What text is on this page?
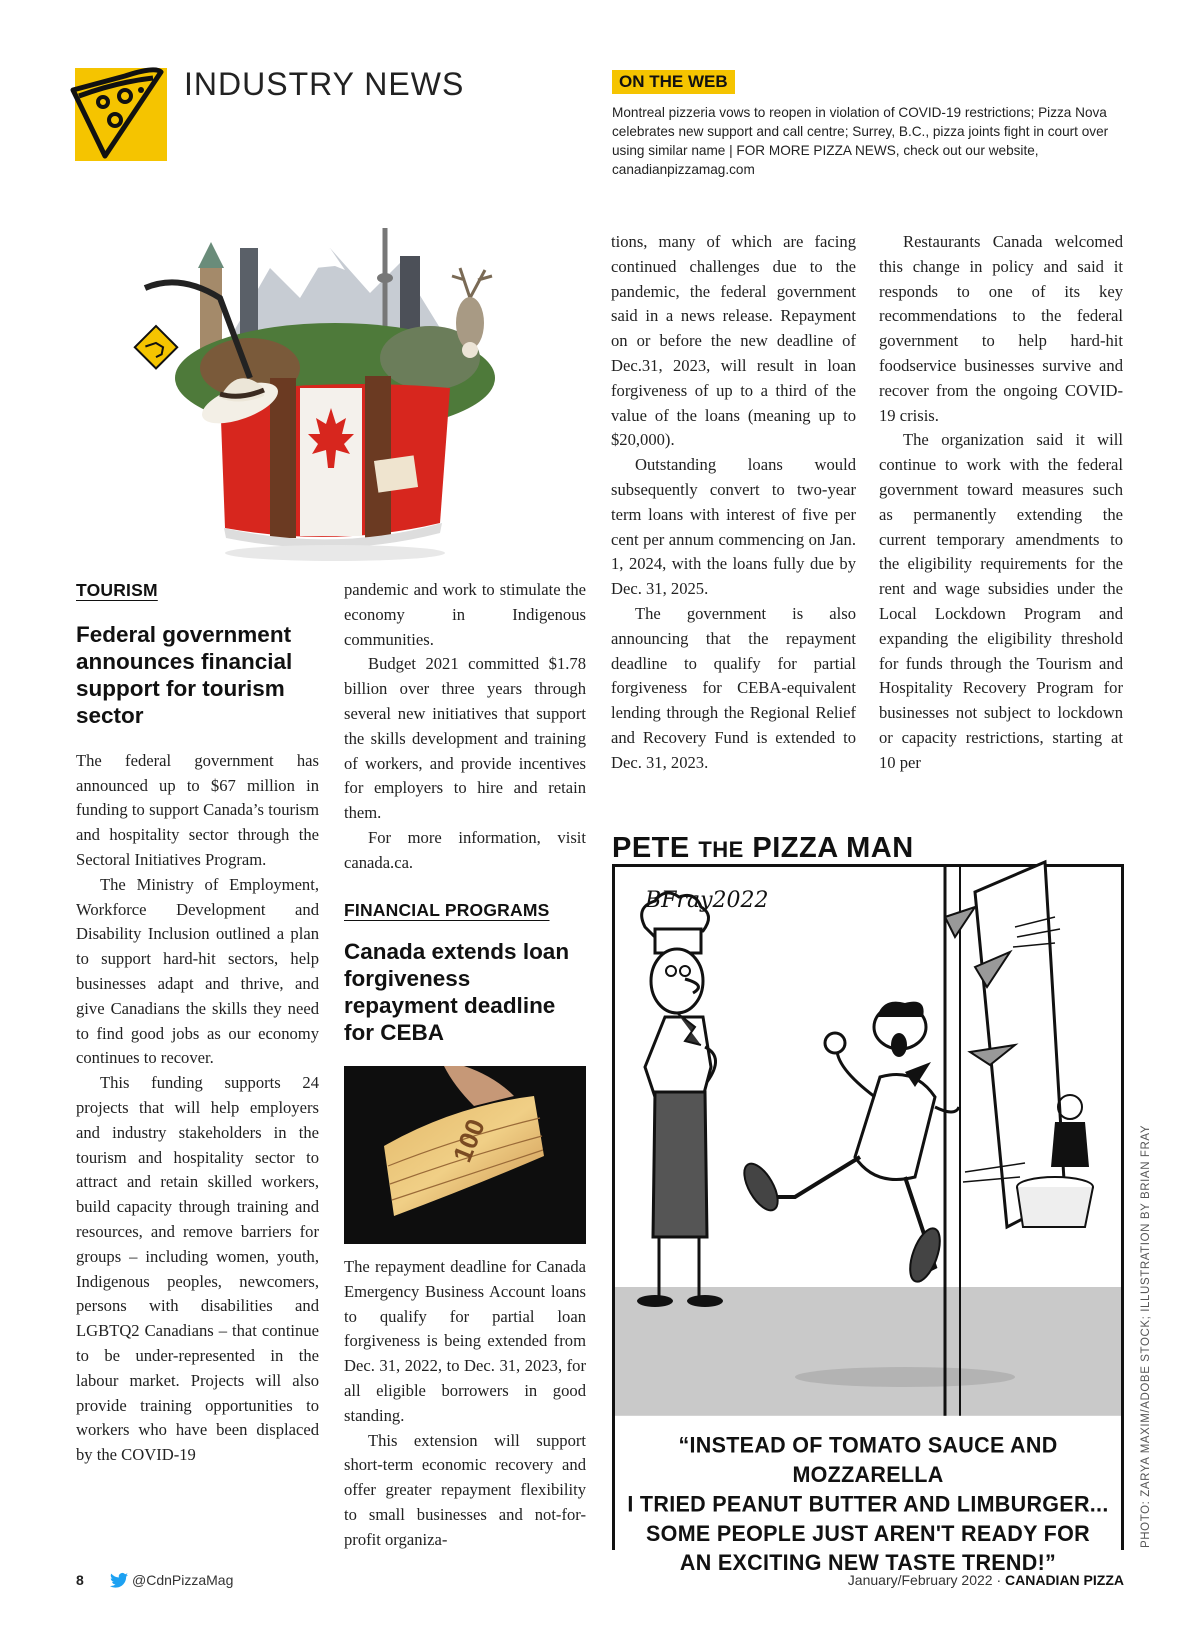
INDUSTRY NEWS	ON THE WEB
Montreal pizzeria vows to reopen in violation of COVID-19 restrictions; Pizza Nova celebrates new support and call centre; Surrey, B.C., pizza joints fight in court over using similar name | FOR MORE PIZZA NEWS, check out our website, canadianpizzamag.com
TOURISM
Federal government announces financial support for tourism sector

The federal government has announced up to $67 million in funding to support Canada’s tourism and hospitality sector through the Sectoral Initiatives Program.

The Ministry of Employment, Workforce Development and Disability Inclusion outlined a plan to support hard-hit sectors, help businesses adapt and thrive, and give Canadians the skills they need to find good jobs as our economy continues to recover.

This funding supports 24 projects that will help employers and industry stakeholders in the tourism and hospitality sector to attract and retain skilled workers, build capacity through training and resources, and remove barriers for groups – including women, youth, Indigenous peoples, newcomers, persons with disabilities and LGBTQ2 Canadians – that continue to be under-represented in the labour market. Projects will also provide training opportunities to workers who have been displaced by the COVID-19

pandemic and work to stimulate the economy in Indigenous communities.

Budget 2021 committed $1.78 billion over three years through several new initiatives that support the skills development and training of workers, and provide incentives for employers to hire and retain them.

For more information, visit canada.ca.

FINANCIAL PROGRAMS
Canada extends loan forgiveness repayment deadline for CEBA
100

The repayment deadline for Canada Emergency Business Account loans to qualify for partial loan forgiveness is being extended from Dec. 31, 2022, to Dec. 31, 2023, for all eligible borrowers in good standing.

This extension will support short-term economic recovery and offer greater repayment flexibility to small businesses and not-for-profit organiza-

tions, many of which are facing continued challenges due to the pandemic, the federal government said in a news release. Repayment on or before the new deadline of Dec.31, 2023, will result in loan forgiveness of up to a third of the value of the loans (meaning up to $20,000).

Outstanding loans would subsequently convert to two-year term loans with interest of five per cent per annum commencing on Jan. 1, 2024, with the loans fully due by Dec. 31, 2025.

The government is also announcing that the repayment deadline to qualify for partial forgiveness for CEBA-equivalent lending through the Regional Relief and Recovery Fund is extended to Dec. 31, 2023.

Restaurants Canada welcomed this change in policy and said it responds to one of its key recommendations to the federal government to help hard-hit foodservice businesses survive and recover from the ongoing COVID-19 crisis.

The organization said it will continue to work with the federal government toward measures such as permanently extending the current temporary amendments to the eligibility requirements for the rent and wage subsidies under the Local Lockdown Program and expanding the eligibility threshold for funds through the Tourism and Hospitality Recovery Program for businesses not subject to lockdown or capacity restrictions, starting at 10 per

PETE THE PIZZA MAN
BFray2022
“INSTEAD OF TOMATO SAUCE AND MOZZARELLA
I TRIED PEANUT BUTTER AND LIMBURGER...
SOME PEOPLE JUST AREN'T READY FOR
AN EXCITING NEW TASTE TREND!”
PHOTO: ZARYA MAXIM/ADOBE STOCK; ILLUSTRATION BY BRIAN FRAY
8	@CdnPizzaMag	January/February 2022 · CANADIAN PIZZA
